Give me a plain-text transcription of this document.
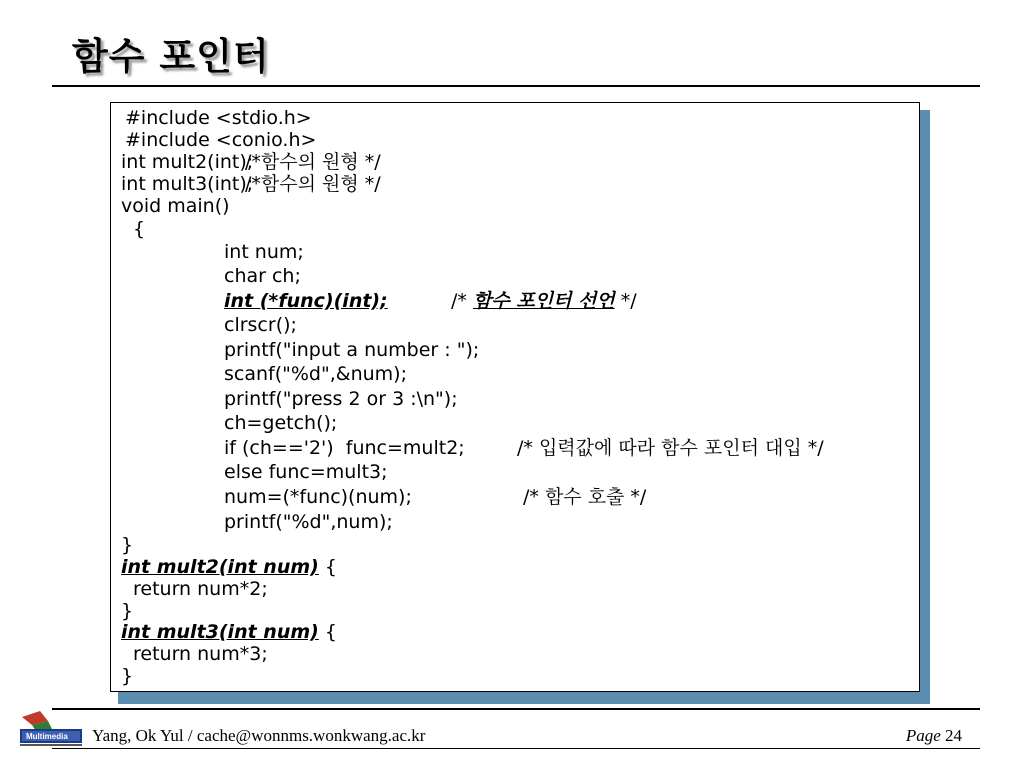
함수 포인터
#include <stdio.h>
#include <conio.h>
int mult2(int);
/*함수의 원형 */
int mult3(int);
/*함수의 원형 */
void main()
{
int num;
char ch;
int (*func)(int);	/* 함수 포인터 선언 */
clrscr();
printf("input a number : ");
scanf("%d",&num);
printf("press 2 or 3 :\n");
ch=getch();
if (ch=='2')  func=mult2;	/* 입력값에 따라 함수 포인터 대입 */
else func=mult3;
num=(*func)(num);	/* 함수 호출 */
printf("%d",num);
}
int mult2(int num) {
return num*2;
}
int mult3(int num) {
return num*3;
}
Multimedia Yang, Ok Yul / cache@wonnms.wonkwang.ac.kr	Page 24
